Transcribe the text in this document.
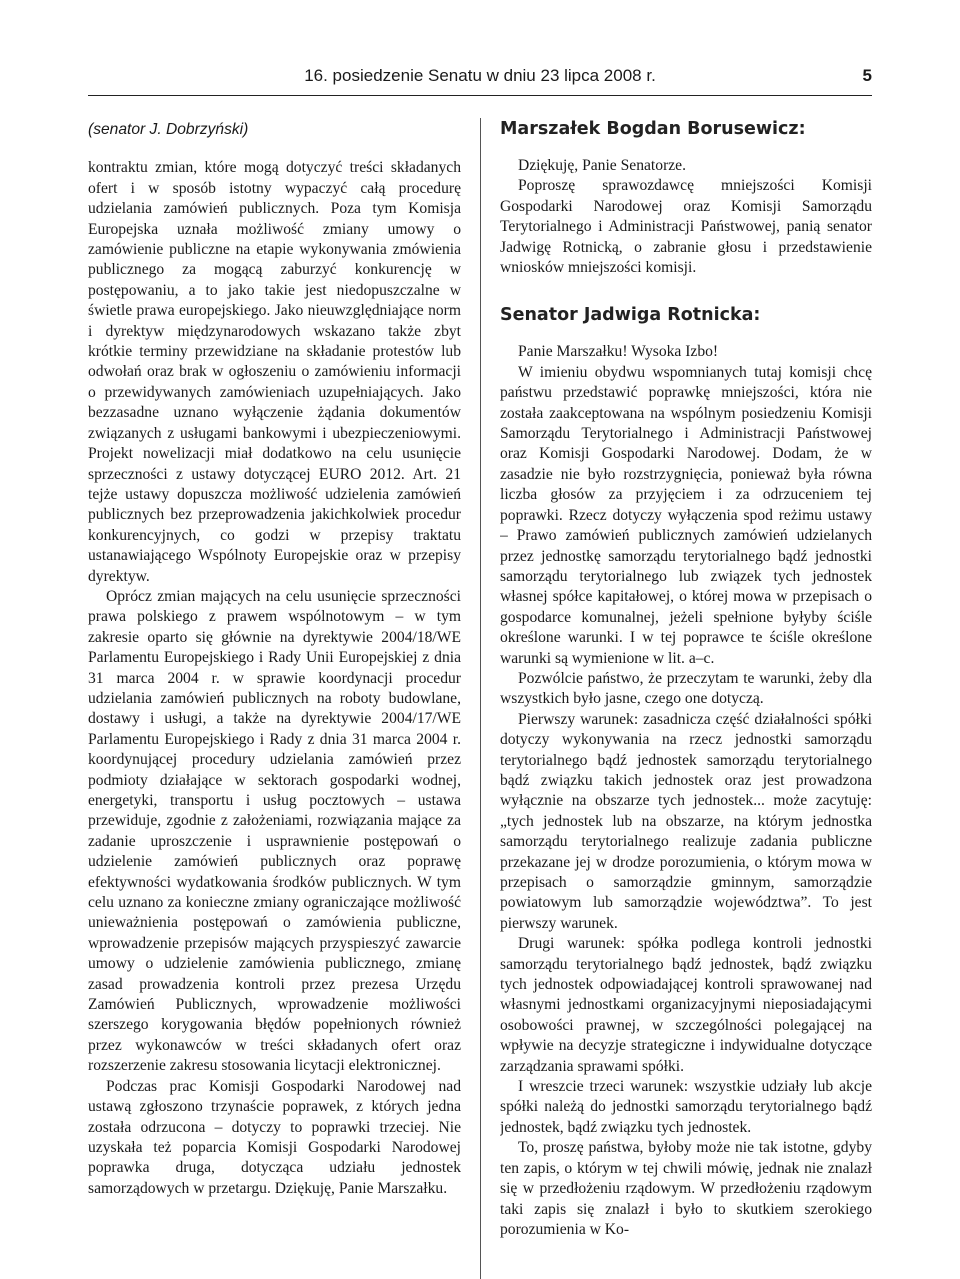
16. posiedzenie Senatu w dniu 23 lipca 2008 r.	5

(senator J. Dobrzyński)

kontraktu zmian, które mogą dotyczyć treści składanych ofert i w sposób istotny wypaczyć całą procedurę udzielania zamówień publicznych. Poza tym Komisja Europejska uznała możliwość zmiany umowy o zamówienie publiczne na etapie wykonywania zmówienia publicznego za mogącą zaburzyć konkurencję w postępowaniu, a to jako takie jest niedopuszczalne w świetle prawa europejskiego. Jako nieuwzględniające norm i dyrektyw międzynarodowych wskazano także zbyt krótkie terminy przewidziane na składanie protestów lub odwołań oraz brak w ogłoszeniu o zamówieniu informacji o przewidywanych zamówieniach uzupełniających. Jako bezzasadne uznano wyłączenie żądania dokumentów związanych z usługami bankowymi i ubezpieczeniowymi. Projekt nowelizacji miał dodatkowo na celu usunięcie sprzeczności z ustawy dotyczącej EURO 2012. Art. 21 tejże ustawy dopuszcza możliwość udzielenia zamówień publicznych bez przeprowadzenia jakichkolwiek procedur konkurencyjnych, co godzi w przepisy traktatu ustanawiającego Wspólnoty Europejskie oraz w przepisy dyrektyw.

Oprócz zmian mających na celu usunięcie sprzeczności prawa polskiego z prawem wspólnotowym – w tym zakresie oparto się głównie na dyrektywie 2004/18/WE Parlamentu Europejskiego i Rady Unii Europejskiej z dnia 31 marca 2004 r. w sprawie koordynacji procedur udzielania zamówień publicznych na roboty budowlane, dostawy i usługi, a także na dyrektywie 2004/17/WE Parlamentu Europejskiego i Rady z dnia 31 marca 2004 r. koordynującej procedury udzielania zamówień przez podmioty działające w sektorach gospodarki wodnej, energetyki, transportu i usług pocztowych – ustawa przewiduje, zgodnie z założeniami, rozwiązania mające za zadanie uproszczenie i usprawnienie postępowań o udzielenie zamówień publicznych oraz poprawę efektywności wydatkowania środków publicznych. W tym celu uznano za konieczne zmiany ograniczające możliwość unieważnienia postępowań o zamówienia publiczne, wprowadzenie przepisów mających przyspieszyć zawarcie umowy o udzielenie zamówienia publicznego, zmianę zasad prowadzenia kontroli przez prezesa Urzędu Zamówień Publicznych, wprowadzenie możliwości szerszego korygowania błędów popełnionych również przez wykonawców w treści składanych ofert oraz rozszerzenie zakresu stosowania licytacji elektronicznej.

Podczas prac Komisji Gospodarki Narodowej nad ustawą zgłoszono trzynaście poprawek, z których jedna została odrzucona – dotyczy to poprawki trzeciej. Nie uzyskała też poparcia Komisji Gospodarki Narodowej poprawka druga, dotycząca udziału jednostek samorządowych w przetargu. Dziękuję, Panie Marszałku.

Marszałek Bogdan Borusewicz:

Dziękuję, Panie Senatorze.

Poproszę sprawozdawcę mniejszości Komisji Gospodarki Narodowej oraz Komisji Samorządu Terytorialnego i Administracji Państwowej, panią senator Jadwigę Rotnicką, o zabranie głosu i przedstawienie wniosków mniejszości komisji.

Senator Jadwiga Rotnicka:

Panie Marszałku! Wysoka Izbo!

W imieniu obydwu wspomnianych tutaj komisji chcę państwu przedstawić poprawkę mniejszości, która nie została zaakceptowana na wspólnym posiedzeniu Komisji Samorządu Terytorialnego i Administracji Państwowej oraz Komisji Gospodarki Narodowej. Dodam, że w zasadzie nie było rozstrzygnięcia, ponieważ była równa liczba głosów za przyjęciem i za odrzuceniem tej poprawki. Rzecz dotyczy wyłączenia spod reżimu ustawy – Prawo zamówień publicznych zamówień udzielanych przez jednostkę samorządu terytorialnego bądź jednostki samorządu terytorialnego lub związek tych jednostek własnej spółce kapitałowej, o której mowa w przepisach o gospodarce komunalnej, jeżeli spełnione byłyby ściśle określone warunki. I w tej poprawce te ściśle określone warunki są wymienione w lit. a–c.

Pozwólcie państwo, że przeczytam te warunki, żeby dla wszystkich było jasne, czego one dotyczą.

Pierwszy warunek: zasadnicza część działalności spółki dotyczy wykonywania na rzecz jednostki samorządu terytorialnego bądź jednostek samorządu terytorialnego bądź związku takich jednostek oraz jest prowadzona wyłącznie na obszarze tych jednostek... może zacytuję: „tych jednostek lub na obszarze, na którym jednostka samorządu terytorialnego realizuje zadania publiczne przekazane jej w drodze porozumienia, o którym mowa w przepisach o samorządzie gminnym, samorządzie powiatowym lub samorządzie województwa”. To jest pierwszy warunek.

Drugi warunek: spółka podlega kontroli jednostki samorządu terytorialnego bądź jednostek, bądź związku tych jednostek odpowiadającej kontroli sprawowanej nad własnymi jednostkami organizacyjnymi nieposiadającymi osobowości prawnej, w szczególności polegającej na wpływie na decyzje strategiczne i indywidualne dotyczące zarządzania sprawami spółki.

I wreszcie trzeci warunek: wszystkie udziały lub akcje spółki należą do jednostki samorządu terytorialnego bądź jednostek, bądź związku tych jednostek.

To, proszę państwa, byłoby może nie tak istotne, gdyby ten zapis, o którym w tej chwili mówię, jednak nie znalazł się w przedłożeniu rządowym. W przedłożeniu rządowym taki zapis się znalazł i było to skutkiem szerokiego porozumienia w Ko-
